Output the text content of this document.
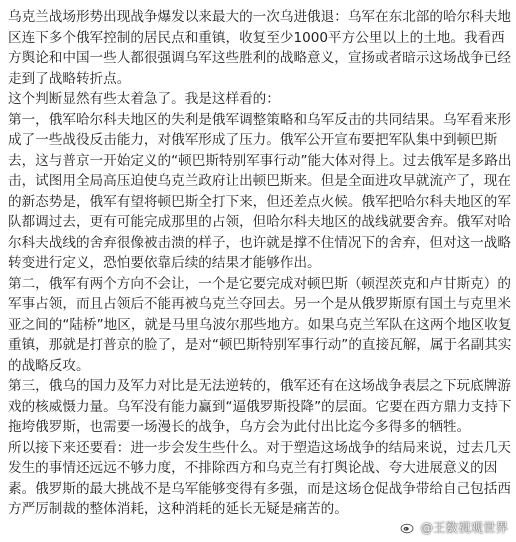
乌克兰战场形势出现战争爆发以来最大的一次乌进俄退：乌军在东北部的哈尔科夫地区连下多个俄军控制的居民点和重镇，收复至少1000平方公里以上的土地。我看西方舆论和中国一些人都很强调乌军这些胜利的战略意义，宣扬或者暗示这场战争已经走到了战略转折点。

这个判断显然有些太着急了。我是这样看的：

第一，俄军哈尔科夫地区的失利是俄军调整策略和乌军反击的共同结果。乌军看来形成了一些战役反击能力，对俄军形成了压力。俄军公开宣布要把军队集中到顿巴斯去，这与普京一开始定义的“顿巴斯特别军事行动”能大体对得上。过去俄军是多路出击，试图用全局高压迫使乌克兰政府让出顿巴斯来。但是全面进攻早就流产了，现在的新态势是，俄军有望将顿巴斯全打下来，但还差点火候。俄军把哈尔科夫地区的军队都调过去，更有可能完成那里的占领，但哈尔科夫地区的战线就要舍弃。俄军对哈尔科夫战线的舍弃很像被击溃的样子，也许就是撑不住情况下的舍弃，但对这一战略转变进行定义，恐怕要依靠后续的结果才能够作出。

第二，俄军有两个方向不会让，一个是它要完成对顿巴斯（顿涅茨克和卢甘斯克）的军事占领，而且占领后不能再被乌克兰夺回去。另一个是从俄罗斯原有国土与克里米亚之间的“陆桥”地区，就是马里乌波尔那些地方。如果乌克兰军队在这两个地区收复重镇，那就是打普京的脸了，是对“顿巴斯特别军事行动”的直接瓦解，属于名副其实的战略反攻。

第三，俄乌的国力及军力对比是无法逆转的，俄军还有在这场战争表层之下玩底牌游戏的核威慑力量。乌军没有能力赢到“逼俄罗斯投降”的层面。它要在西方鼎力支持下拖垮俄罗斯，也需要一场漫长的战争，乌方会为此付出比迄今多得多的牺牲。

所以接下来还要看：进一步会发生些什么。对于塑造这场战争的结局来说，过去几天发生的事情还远远不够力度，不排除西方和乌克兰有打舆论战、夸大进展意义的因素。俄罗斯的最大挑战不是乌军能够变得有多强，而是这场仓促战争带给自己包括西方严厉制裁的整体消耗，这种消耗的延长无疑是痛苦的。

@王数视观世界
